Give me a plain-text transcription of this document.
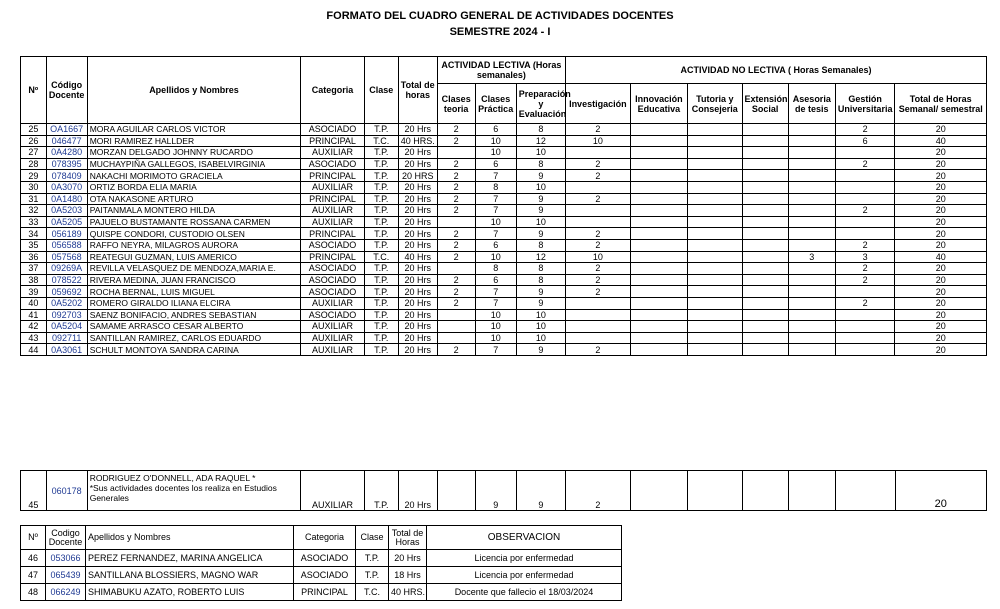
FORMATO DEL CUADRO GENERAL DE ACTIVIDADES DOCENTES
SEMESTRE 2024 - I
Nº	Código Docente	Apellidos y Nombres	Categoria	Clase	Total de horas	ACTIVIDAD LECTIVA (Horas semanales)			ACTIVIDAD NO LECTIVA ( Horas Semanales)						
						Clases teoria	Clases Práctica	Preparación y Evaluación	Investigación	Innovación Educativa	Tutoria y Consejeria	Extensión Social	Asesoria de tesis	Gestión Universitaria	Total de Horas Semanal/ semestral
25	OA1667	MORA AGUILAR CARLOS VICTOR	ASOCIADO	T.P.	20 Hrs	2	6	8	2					2	20
26	046477	MORI RAMIREZ HALLDER	PRINCIPAL	T.C.	40 HRS.	2	10	12	10					6	40
27	0A4280	MORZAN DELGADO JOHNNY RUCARDO	AUXILIAR	T.P.	20 Hrs		10	10							20
28	078395	MUCHAYPIÑA GALLEGOS, ISABELVIRGINIA	ASOCIADO	T.P.	20 Hrs	2	6	8	2					2	20
29	078409	NAKACHI MORIMOTO GRACIELA	PRINCIPAL	T.P.	20 HRS	2	7	9	2						20
30	0A3070	ORTIZ BORDA ELIA MARIA	AUXILIAR	T.P.	20 Hrs	2	8	10							20
31	0A1480	OTA NAKASONE ARTURO	PRINCIPAL	T.P.	20 Hrs	2	7	9	2						20
32	0A5203	PAITANMALA MONTERO HILDA	AUXILIAR	T.P.	20 Hrs	2	7	9						2	20
33	0A5205	PAJUELO BUSTAMANTE ROSSANA CARMEN	AUXILIAR	T.P.	20 Hrs		10	10							20
34	056189	QUISPE CONDORI, CUSTODIO OLSEN	PRINCIPAL	T.P.	20 Hrs	2	7	9	2						20
35	056588	RAFFO NEYRA, MILAGROS AURORA	ASOCIADO	T.P.	20 Hrs	2	6	8	2					2	20
36	057568	REATEGUI GUZMAN, LUIS AMERICO	PRINCIPAL	T.C.	40 Hrs	2	10	12	10				3	3	40
37	09269A	REVILLA VELASQUEZ DE MENDOZA,MARIA E.	ASOCIADO	T.P.	20 Hrs		8	8	2					2	20
38	078522	RIVERA MEDINA, JUAN FRANCISCO	ASOCIADO	T.P.	20 Hrs	2	6	8	2					2	20
39	059692	ROCHA BERNAL, LUIS MIGUEL	ASOCIADO	T.P.	20 Hrs	2	7	9	2						20
40	0A5202	ROMERO GIRALDO ILIANA ELCIRA	AUXILIAR	T.P.	20 Hrs	2	7	9						2	20
41	092703	SAENZ BONIFACIO, ANDRES SEBASTIAN	ASOCIADO	T.P.	20 Hrs		10	10							20
42	0A5204	SAMAME ARRASCO CESAR ALBERTO	AUXILIAR	T.P.	20 Hrs		10	10							20
43	092711	SANTILLAN RAMIREZ, CARLOS EDUARDO	AUXILIAR	T.P.	20 Hrs		10	10							20
44	0A3061	SCHULT MONTOYA SANDRA CARINA	AUXILIAR	T.P.	20 Hrs	2	7	9	2						20
45	060178	
RODRIGUEZ O'DONNELL, ADA RAQUEL *
*Sus actividades docentes los realiza en Estudios Generales
	AUXILIAR	T.P.	20 Hrs		9	9	2						20
Nº	Codigo Docente	Apellidos y Nombres	Categoria	Clase	Total de Horas	OBSERVACION
46	053066	PEREZ FERNANDEZ, MARINA ANGELICA	ASOCIADO	T.P.	20 Hrs	Licencia por enfermedad
47	065439	SANTILLANA BLOSSIERS, MAGNO WAR	ASOCIADO	T.P.	18 Hrs	Licencia por enfermedad
48	066249	SHIMABUKU AZATO, ROBERTO LUIS	PRINCIPAL	T.C.	40 HRS.	Docente que fallecio el 18/03/2024
